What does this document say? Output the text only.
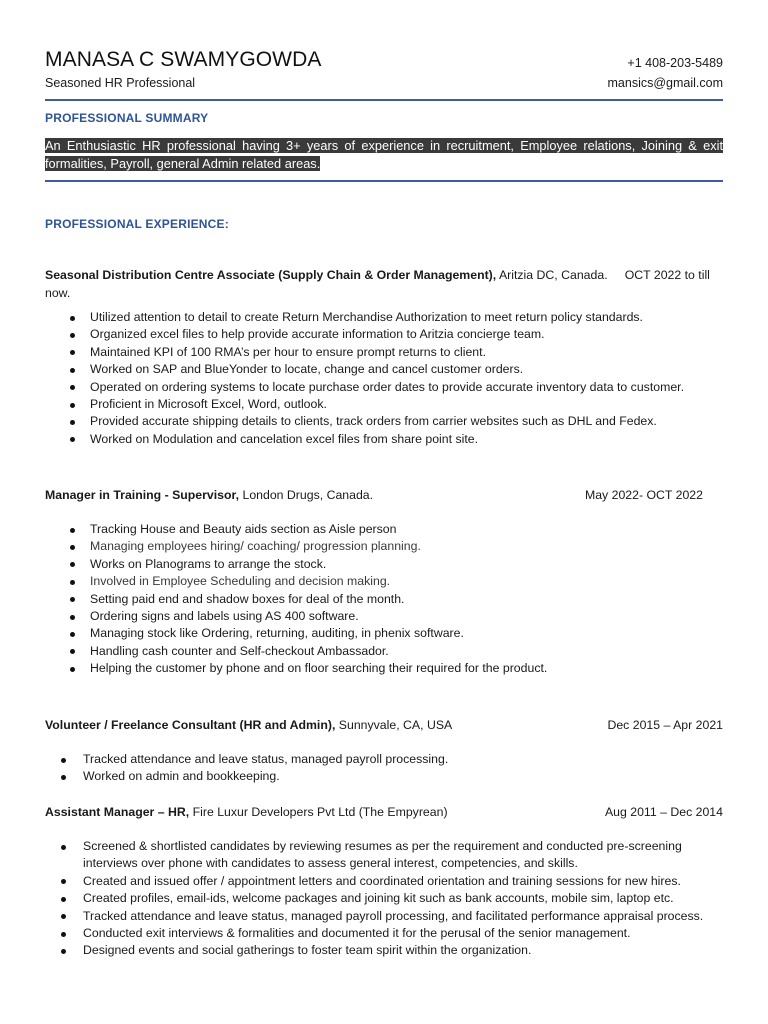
MANASA C SWAMYGOWDA
Seasoned HR Professional
+1 408-203-5489
mansics@gmail.com
PROFESSIONAL SUMMARY
An Enthusiastic HR professional having 3+ years of experience in recruitment, Employee relations, Joining & exit formalities, Payroll, general Admin related areas.
PROFESSIONAL EXPERIENCE:
Seasonal Distribution Centre Associate (Supply Chain & Order Management), Aritzia DC, Canada. OCT 2022 to till now.
Utilized attention to detail to create Return Merchandise Authorization to meet return policy standards.
Organized excel files to help provide accurate information to Aritzia concierge team.
Maintained KPI of 100 RMA’s per hour to ensure prompt returns to client.
Worked on SAP and BlueYonder to locate, change and cancel customer orders.
Operated on ordering systems to locate purchase order dates to provide accurate inventory data to customer.
Proficient in Microsoft Excel, Word, outlook.
Provided accurate shipping details to clients, track orders from carrier websites such as DHL and Fedex.
Worked on Modulation and cancelation excel files from share point site.
Manager in Training - Supervisor, London Drugs, Canada.	May 2022- OCT 2022
Tracking House and Beauty aids section as Aisle person
Managing employees hiring/ coaching/ progression planning.
Works on Planograms to arrange the stock.
Involved in Employee Scheduling and decision making.
Setting paid end and shadow boxes for deal of the month.
Ordering signs and labels using AS 400 software.
Managing stock like Ordering, returning, auditing, in phenix software.
Handling cash counter and Self-checkout Ambassador.
Helping the customer by phone and on floor searching their required for the product.
Volunteer / Freelance Consultant (HR and Admin), Sunnyvale, CA, USA	Dec 2015 – Apr 2021
Tracked attendance and leave status, managed payroll processing.
Worked on admin and bookkeeping.
Assistant Manager – HR, Fire Luxur Developers Pvt Ltd (The Empyrean)	Aug 2011 – Dec 2014
Screened & shortlisted candidates by reviewing resumes as per the requirement and conducted pre-screening interviews over phone with candidates to assess general interest, competencies, and skills.
Created and issued offer / appointment letters and coordinated orientation and training sessions for new hires.
Created profiles, email-ids, welcome packages and joining kit such as bank accounts, mobile sim, laptop etc.
Tracked attendance and leave status, managed payroll processing, and facilitated performance appraisal process.
Conducted exit interviews & formalities and documented it for the perusal of the senior management.
Designed events and social gatherings to foster team spirit within the organization.
